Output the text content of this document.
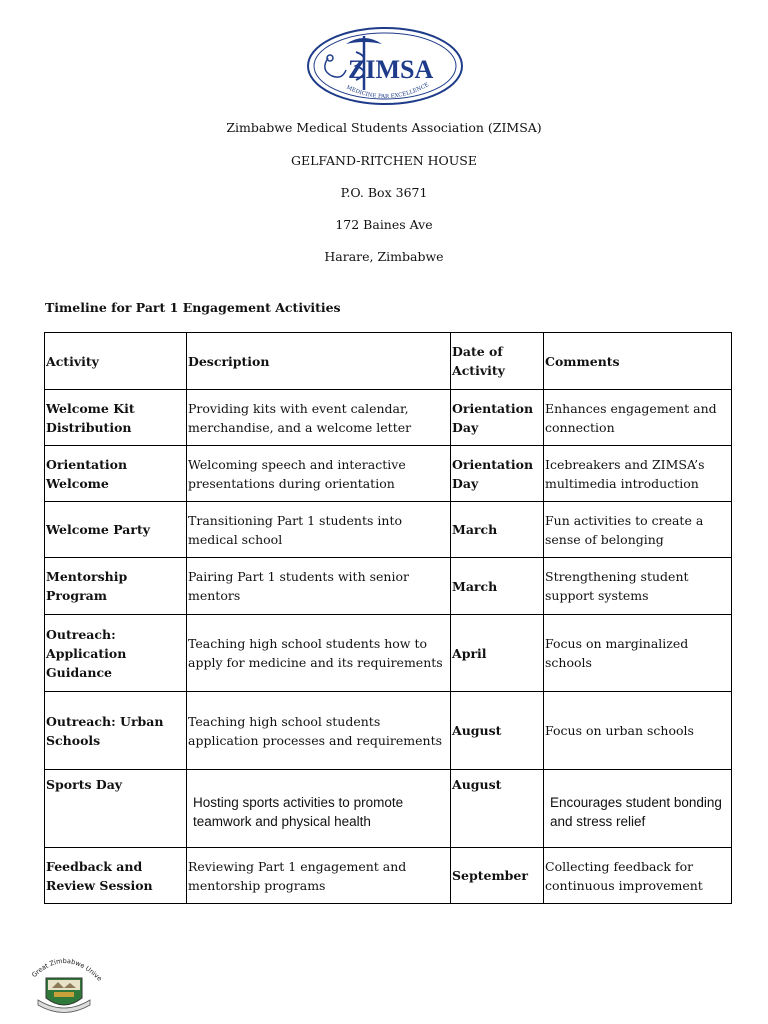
ZIMSA
MEDICINE PAR EXCELLENCE
Zimbabwe Medical Students Association (ZIMSA)
GELFAND-RITCHEN HOUSE
P.O. Box 3671
172 Baines Ave
Harare, Zimbabwe
Timeline for Part 1 Engagement Activities
Activity	Description	Date of Activity	Comments
Welcome Kit Distribution	Providing kits with event calendar, merchandise, and a welcome letter	Orientation Day	Enhances engagement and connection
Orientation Welcome	Welcoming speech and interactive presentations during orientation	Orientation Day	Icebreakers and ZIMSA’s multimedia introduction
Welcome Party	Transitioning Part 1 students into medical school	March	Fun activities to create a sense of belonging
Mentorship Program	Pairing Part 1 students with senior mentors	March	Strengthening student support systems
Outreach: Application Guidance	Teaching high school students how to apply for medicine and its requirements	April	Focus on marginalized schools
Outreach: Urban Schools	Teaching high school students application processes and requirements	August	Focus on urban schools
Sports Day	Hosting sports activities to promote teamwork and physical health	August	Encourages student bonding and stress relief
Feedback and Review Session	Reviewing Part 1 engagement and mentorship programs	September	Collecting feedback for continuous improvement
Great Zimbabwe Unive
